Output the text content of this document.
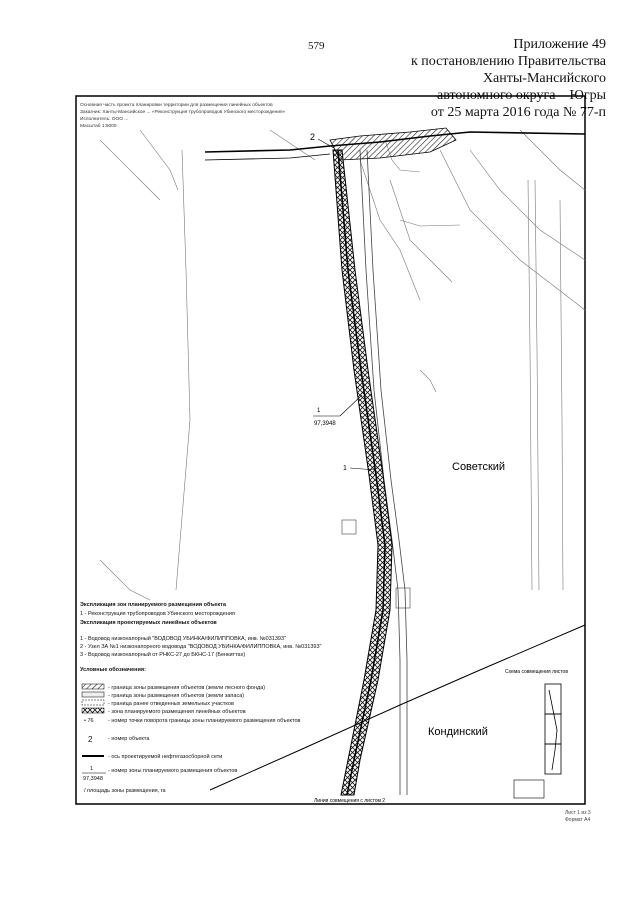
579	Приложение 49
к постановлению Правительства
Ханты-Мансийского
автономного округа – Югры
от 25 марта 2016 года № 77-п
Основная часть проекта планировки территории для размещения линейных объектов
Заказчик: Ханты-Мансийское ... «Реконструкция трубопроводов Убинского месторождения»
Исполнитель: ООО ...
Масштаб 1:5000
2
1
97,3948
1	Советский
Кондинский
Экспликация зон планируемого размещения объекта
1 - Реконструкция трубопроводов Убинского месторождения
Экспликация проектируемых линейных объектов
1 - Водовод низконапорный "ВОДОВОД УБИНКА/ФИЛИППОВКА, инв. №031393"
2 - Узел ЗА №1 низконапорного водовода "ВОДОВОД УБИНКА/ФИЛИППОВКА, инв. №031393"
3 - Водовод низконапорный от РНКС-27 до БКНС-17 (Бенкиттах)
Условные обозначения:
- граница зоны размещения объектов (земли лесного фонда)
- граница зоны размещения объектов (земли запаса)
- граница ранее отведенных земельных участков
- зона планируемого размещения линейных объектов
• 76	- номер точки поворота границы зоны планируемого размещения объектов
2	- номер объекта
- ось проектируемой нефтегазосборной сети
1
97,3948
- номер зоны планируемого размещения объектов
/ площадь зоны размещения, га
Схема совмещения листов
Линия совмещения с листом 2
Лист 1 из 3
Формат А4
